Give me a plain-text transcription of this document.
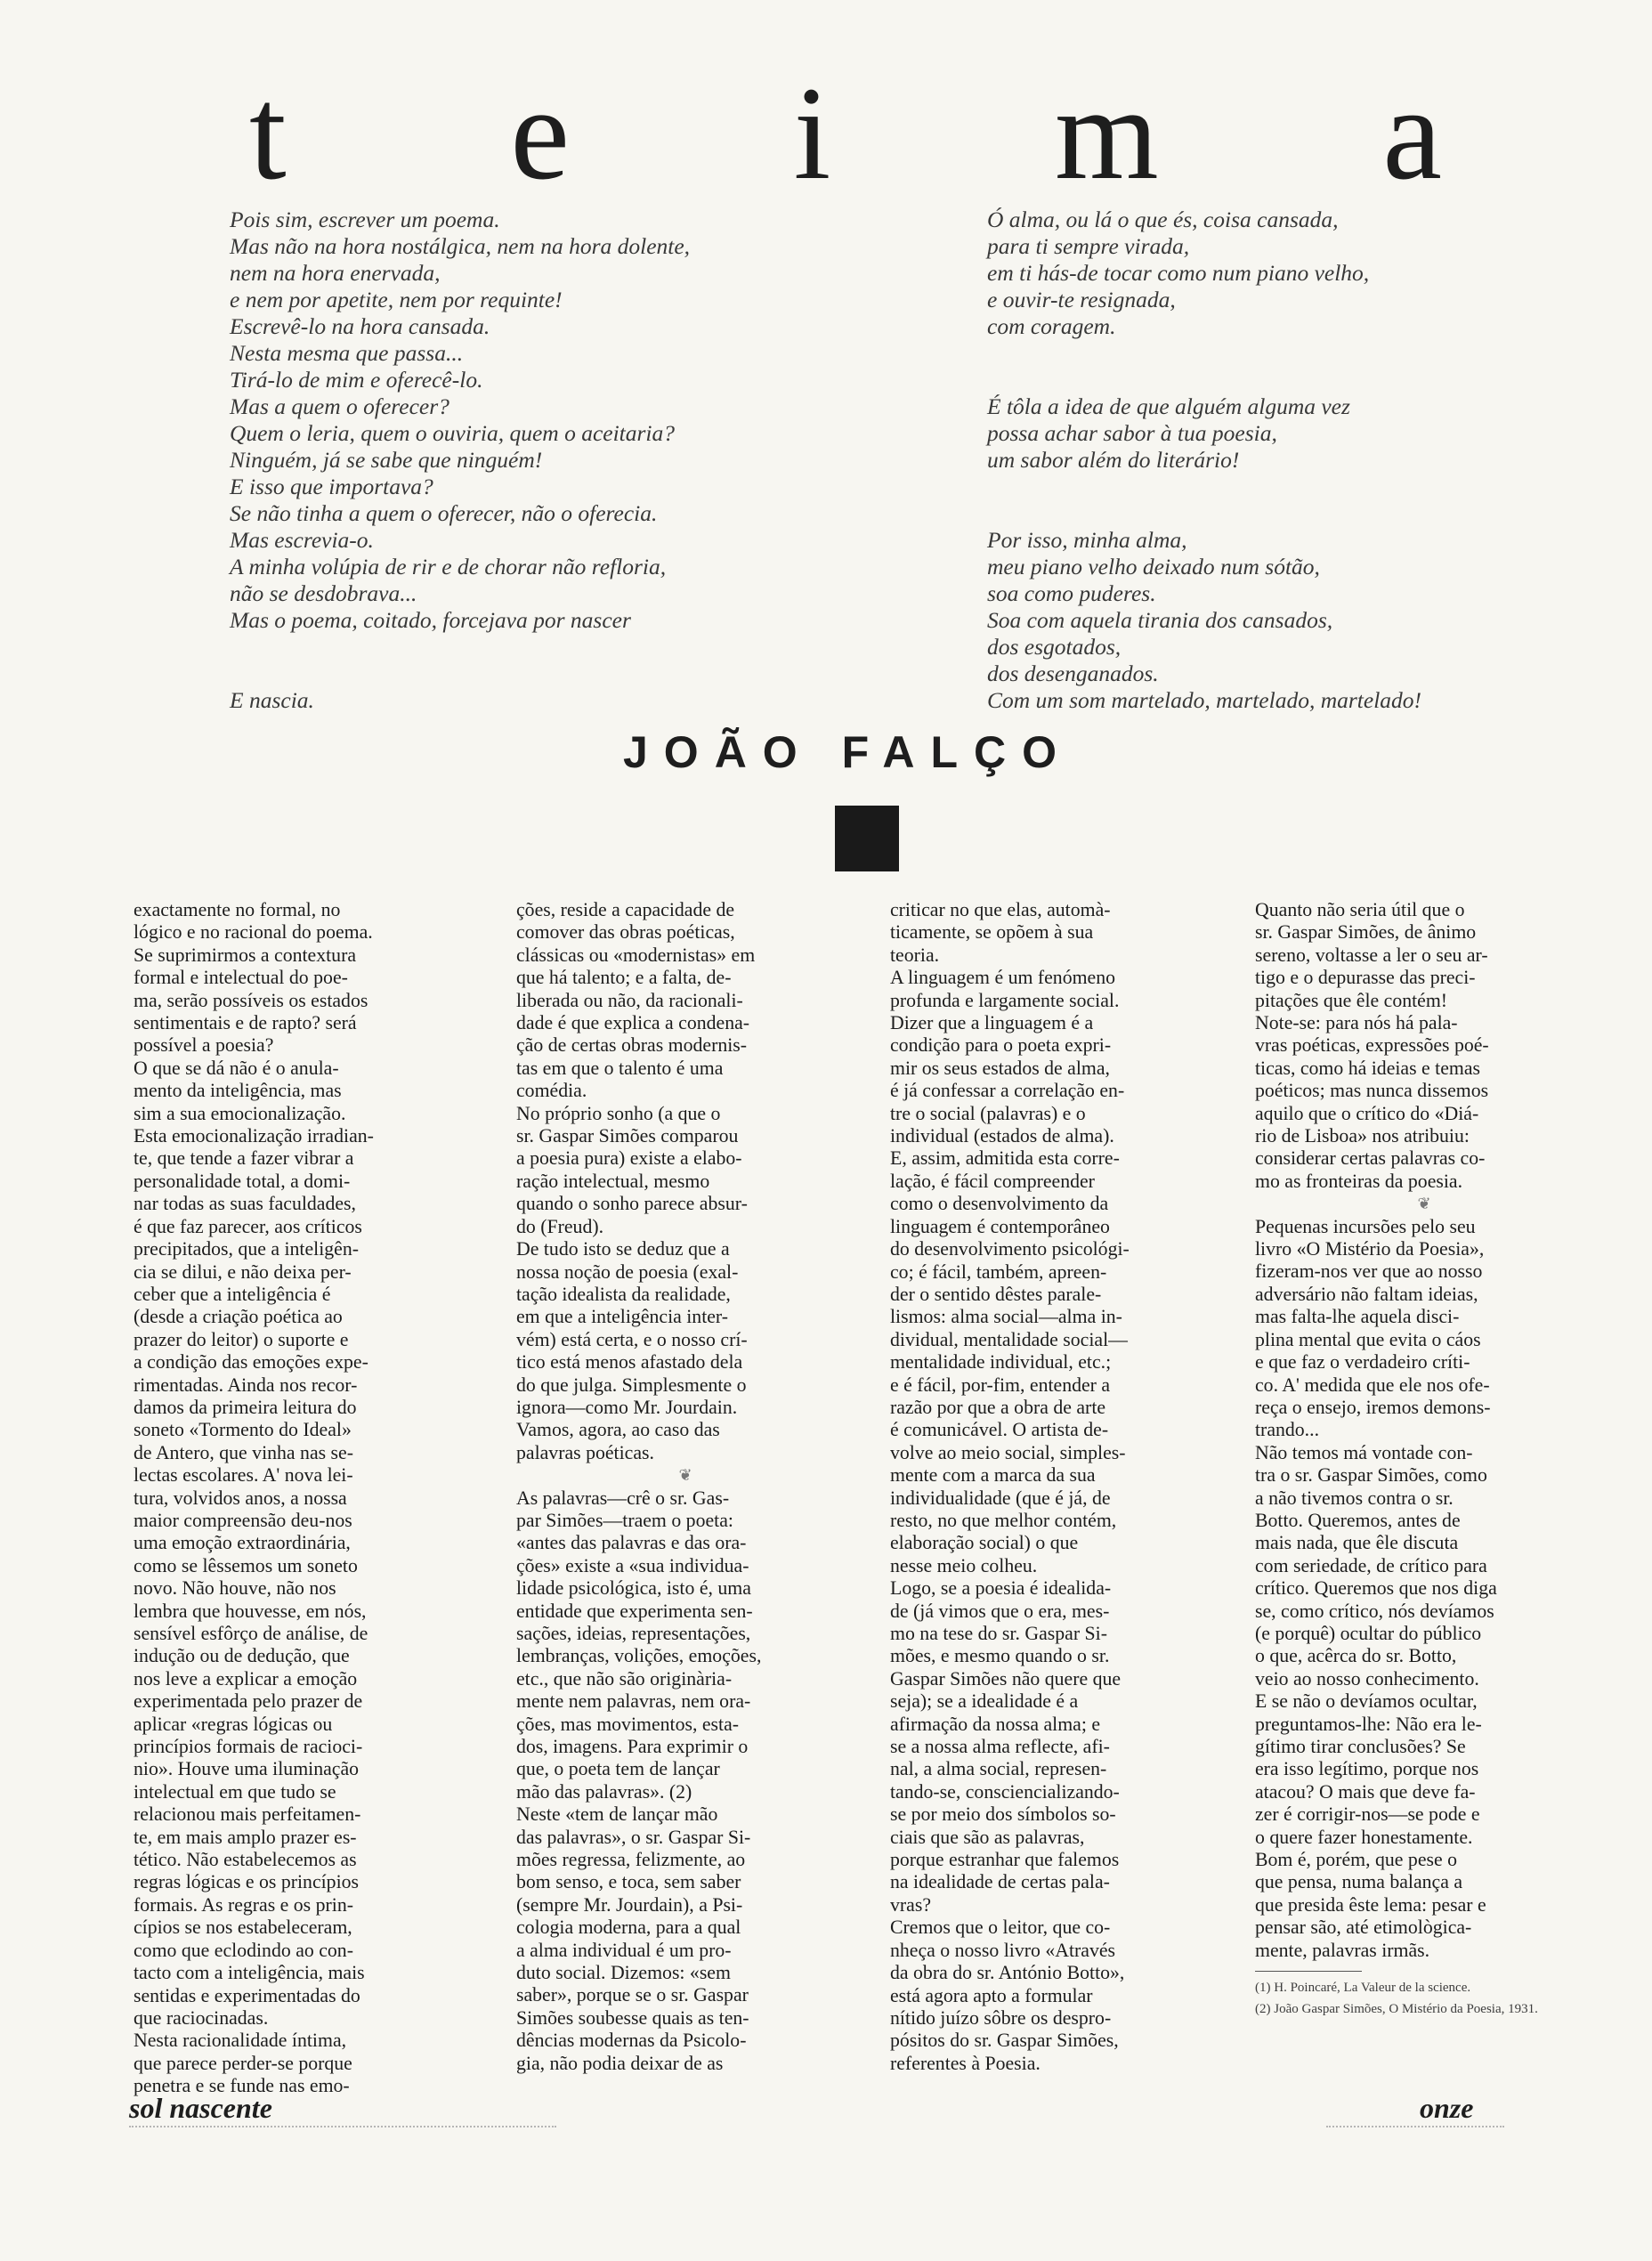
t e i m a
Pois sim, escrever um poema.
Mas não na hora nostálgica, nem na hora dolente,
nem na hora enervada,
e nem por apetite, nem por requinte!
Escrevê-lo na hora cansada.
Nesta mesma que passa...
Tirá-lo de mim e oferecê-lo.
Mas a quem o oferecer?
Quem o leria, quem o ouviria, quem o aceitaria?
Ninguém, já se sabe que ninguém!
E isso que importava?
Se não tinha a quem o oferecer, não o oferecia.
Mas escrevia-o.
A minha volúpia de rir e de chorar não refloria,
não se desdobrava...
Mas o poema, coitado, forcejava por nascer
E nascia.
Ó alma, ou lá o que és, coisa cansada,
para ti sempre virada,
em ti hás-de tocar como num piano velho,
e ouvir-te resignada,
com coragem.
É tôla a idea de que alguém alguma vez
possa achar sabor à tua poesia,
um sabor além do literário!
Por isso, minha alma,
meu piano velho deixado num sótão,
soa como puderes.
Soa com aquela tirania dos cansados,
dos esgotados,
dos desenganados.
Com um som martelado, martelado, martelado!
JOÃO FALÇO
exactamente no formal, no
lógico e no racional do poema.
Se suprimirmos a contextura
formal e intelectual do poe-
ma, serão possíveis os estados
sentimentais e de rapto? será
possível a poesia?
O que se dá não é o anula-
mento da inteligência, mas
sim a sua emocionalização.
Esta emocionalização irradian-
te, que tende a fazer vibrar a
personalidade total, a domi-
nar todas as suas faculdades,
é que faz parecer, aos críticos
precipitados, que a inteligên-
cia se dilui, e não deixa per-
ceber que a inteligência é
(desde a criação poética ao
prazer do leitor) o suporte e
a condição das emoções expe-
rimentadas. Ainda nos recor-
damos da primeira leitura do
soneto «Tormento do Ideal»
de Antero, que vinha nas se-
lectas escolares. A' nova lei-
tura, volvidos anos, a nossa
maior compreensão deu-nos
uma emoção extraordinária,
como se lêssemos um soneto
novo. Não houve, não nos
lembra que houvesse, em nós,
sensível esfôrço de análise, de
indução ou de dedução, que
nos leve a explicar a emoção
experimentada pelo prazer de
aplicar «regras lógicas ou
princípios formais de racioci-
nio». Houve uma iluminação
intelectual em que tudo se
relacionou mais perfeitamen-
te, em mais amplo prazer es-
tético. Não estabelecemos as
regras lógicas e os princípios
formais. As regras e os prin-
cípios se nos estabeleceram,
como que eclodindo ao con-
tacto com a inteligência, mais
sentidas e experimentadas do
que raciocinadas.
Nesta racionalidade íntima,
que parece perder-se porque
penetra e se funde nas emo-
ções, reside a capacidade de
comover das obras poéticas,
clássicas ou «modernistas» em
que há talento; e a falta, de-
liberada ou não, da racionali-
dade é que explica a condena-
ção de certas obras modernis-
tas em que o talento é uma
comédia.
No próprio sonho (a que o
sr. Gaspar Simões comparou
a poesia pura) existe a elabo-
ração intelectual, mesmo
quando o sonho parece absur-
do (Freud).
De tudo isto se deduz que a
nossa noção de poesia (exal-
tação idealista da realidade,
em que a inteligência inter-
vém) está certa, e o nosso crí-
tico está menos afastado dela
do que julga. Simplesmente o
ignora—como Mr. Jourdain.
Vamos, agora, ao caso das
palavras poéticas.
❦
As palavras—crê o sr. Gas-
par Simões—traem o poeta:
«antes das palavras e das ora-
ções» existe a «sua individua-
lidade psicológica, isto é, uma
entidade que experimenta sen-
sações, ideias, representações,
lembranças, volições, emoções,
etc., que não são originària-
mente nem palavras, nem ora-
ções, mas movimentos, esta-
dos, imagens. Para exprimir o
que, o poeta tem de lançar
mão das palavras». (2)
Neste «tem de lançar mão
das palavras», o sr. Gaspar Si-
mões regressa, felizmente, ao
bom senso, e toca, sem saber
(sempre Mr. Jourdain), a Psi-
cologia moderna, para a qual
a alma individual é um pro-
duto social. Dizemos: «sem
saber», porque se o sr. Gaspar
Simões soubesse quais as ten-
dências modernas da Psicolo-
gia, não podia deixar de as
criticar no que elas, automà-
ticamente, se opõem à sua
teoria.
A linguagem é um fenómeno
profunda e largamente social.
Dizer que a linguagem é a
condição para o poeta expri-
mir os seus estados de alma,
é já confessar a correlação en-
tre o social (palavras) e o
individual (estados de alma).
E, assim, admitida esta corre-
lação, é fácil compreender
como o desenvolvimento da
linguagem é contemporâneo
do desenvolvimento psicológi-
co; é fácil, também, apreen-
der o sentido dêstes parale-
lismos: alma social—alma in-
dividual, mentalidade social—
mentalidade individual, etc.;
e é fácil, por-fim, entender a
razão por que a obra de arte
é comunicável. O artista de-
volve ao meio social, simples-
mente com a marca da sua
individualidade (que é já, de
resto, no que melhor contém,
elaboração social) o que
nesse meio colheu.
Logo, se a poesia é idealida-
de (já vimos que o era, mes-
mo na tese do sr. Gaspar Si-
mões, e mesmo quando o sr.
Gaspar Simões não quere que
seja); se a idealidade é a
afirmação da nossa alma; e
se a nossa alma reflecte, afi-
nal, a alma social, represen-
tando-se, consciencializando-
se por meio dos símbolos so-
ciais que são as palavras,
porque estranhar que falemos
na idealidade de certas pala-
vras?
Cremos que o leitor, que co-
nheça o nosso livro «Através
da obra do sr. António Botto»,
está agora apto a formular
nítido juízo sôbre os despro-
pósitos do sr. Gaspar Simões,
referentes à Poesia.
Quanto não seria útil que o
sr. Gaspar Simões, de ânimo
sereno, voltasse a ler o seu ar-
tigo e o depurasse das preci-
pitações que êle contém!
Note-se: para nós há pala-
vras poéticas, expressões poé-
ticas, como há ideias e temas
poéticos; mas nunca dissemos
aquilo que o crítico do «Diá-
rio de Lisboa» nos atribuiu:
considerar certas palavras co-
mo as fronteiras da poesia.
❦
Pequenas incursões pelo seu
livro «O Mistério da Poesia»,
fizeram-nos ver que ao nosso
adversário não faltam ideias,
mas falta-lhe aquela disci-
plina mental que evita o cáos
e que faz o verdadeiro críti-
co. A' medida que ele nos ofe-
reça o ensejo, iremos demons-
trando...
Não temos má vontade con-
tra o sr. Gaspar Simões, como
a não tivemos contra o sr.
Botto. Queremos, antes de
mais nada, que êle discuta
com seriedade, de crítico para
crítico. Queremos que nos diga
se, como crítico, nós devíamos
(e porquê) ocultar do público
o que, acêrca do sr. Botto,
veio ao nosso conhecimento.
E se não o devíamos ocultar,
preguntamos-lhe: Não era le-
gítimo tirar conclusões? Se
era isso legítimo, porque nos
atacou? O mais que deve fa-
zer é corrigir-nos—se pode e
o quere fazer honestamente.
Bom é, porém, que pese o
que pensa, numa balança a
que presida êste lema: pesar e
pensar são, até etimològica-
mente, palavras irmãs.
(1) H. Poincaré, La Valeur de la science.
(2) João Gaspar Simões, O Mistério da Poesia, 1931.
sol nascente	onze
